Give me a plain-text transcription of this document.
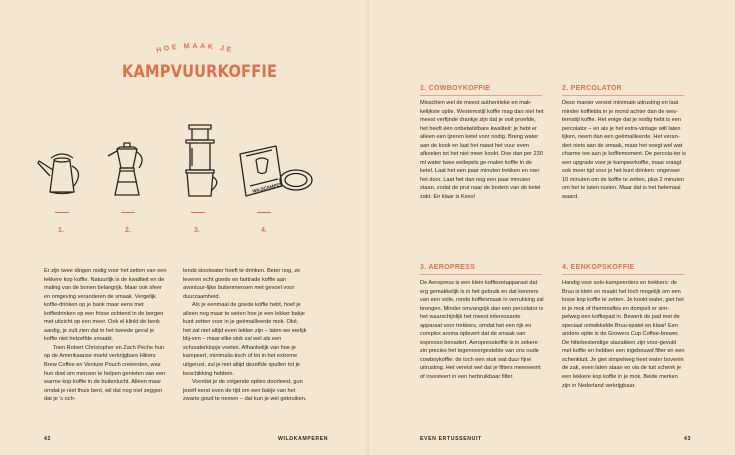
HOE MAAK JE
KAMPVUURKOFFIE
1.	2.	3.
WILDCAMPEN
4.

Er zijn twee dingen nodig voor het zetten van een lekkere kop koffie. Natuurlijk is de kwaliteit en de maling van de bonen belangrijk. Maar ook sfeer en omgeving veranderen de smaak. Vergelijk koffie-drinken op je bank maar eens met koffiedrinken op een frisse ochtend in de bergen met uitzicht op een meer. Ook el klinkt de benk aardig, je zult zien dat in het tweede geval je koffie niet hetzelfde smaakt.

Toen Robert Christopher en Zach Peche hun op de Amerikaanse markt verkrijgbare Hikers Brew Coffee en Venture Pouch creëerden, was hun doel om mensen te helpen genieten van een warme kop koffie in de buitenlucht. Alleen maar omdat je niet thuis bent, wil dat nog niet zeggen dat je 's och-

tends slootwater hoeft te drinken. Beter nog, ze leveren echt goede en fairtrade koffie aan avontuur-lijke buitenmensen met gevoel voor duurzaamheid.

Als je eenmaal de goede koffie hebt, hoef je alleen nog maar te weten hoe je een lekker bakje kunt zetten voor in je geëmailleerde mok. Oké, het zal niet altijd even lekker zijn – laten we eerlijk blij-ven – maar elke slok zal wel als een schouderklopje voelen. Afhankelijk van hoe je kampeert, minimalis-tisch of tot in het extreme uitgerust, zul je niet altijd dezelfde spullen tot je beschikking hebben.

Voordat je de volgende opties doorleest, gun jezelf eerst even de tijd om een bakje van het zwarte goud te nemen – dat kun je wel gebruiken.

1. COWBOYKOFFIE
Misschien wel de meest authentieke en mak-kelijkste optie. Westernstijl koffie mag dan niet het meest verfijnde drankje zijn dat je ooit proefde, het heeft één onbetwistbare kwaliteit: je hebt er alleen een ijzeren ketel voor nodig. Breng water aan de kook en laat het naast het vuur even afkoelen tot het niet meer kookt. Doe dan per 230 ml water twee eetlepels ge-malen koffie in de ketel. Laat het een paar minuten trekken en roer het door. Laat het dan nog een paar minuten staan, zodat de prut naar de bodem van de ketel zakt. En klaar is Kees!
2. PERCOLATOR
Deze manier vereist minimale uitrusting en laat minder koffiebla in je mond achter dan de wes-ternstijl koffie. Het enige dat je nodig hebt is een percolator – en als je het extra-vintage wilt laten lijken, neem dan een geëmailleerde. Het veran-dert niets aan de smaak, maar het voegt wel wat charme toe aan je koffiemoment. De percola-tor is een upgrade voor je kampeerkoffie, maar vraagt ook meer tijd voor je het kunt drinken: ongeveer 10 minuten om de koffie te zetten, plus 2 minuten om het te laten rusten. Maar dat is het helemaal waard.
3. AEROPRESS
De Aeropress is een klein koffiezetapparaat dat erg gemakkelijk is in het gebruik en dat kenners van een volle, ronde koffiesmaak in verrukking zal brengen. Minder omvangrijk dan een percolator is het waarschijnlijk het meest interessante apparaat voor trekkers, omdat het een rijk en complex aroma oplevert dat de smaak van espresso benadert. Aeropresskoffie is in zekere zin precies het tegenovergestelde van ons oude cowboykoffie: de toch een stuk wat duur fijne uitrusting. Het vereist wel dat je filters meeneemt of investeert in een herbruikbaar filter.
4. EENKOPSKOFFIE
Handig voor solo-kampeerders en trekkers: de Bruu is klein en maakt het toch mogelijk om een losse kop koffie te zetten. Je kookt water, giet het in je mok of thermosfles en dompelt er sim-pelweg een koffiepad in. Bewerk de pad met de speciaal ontwikkelde Bruu-spatel en klaar! Een andere optie is de Growers Cup Coffee-brewer. De hittebestendige stazakken zijn voor-gevuld met koffie en hebben een ingebouwd filter en een schenktuit. Je giet simpelweg heet water bovenin de zak, even laten staan en via de tuit schenk je een lekkere kop koffie in je mok. Beide merken zijn in Nederland verkrijgbaar.
42	WILDKAMPEREN	EVEN ERTUSSENUIT	43
